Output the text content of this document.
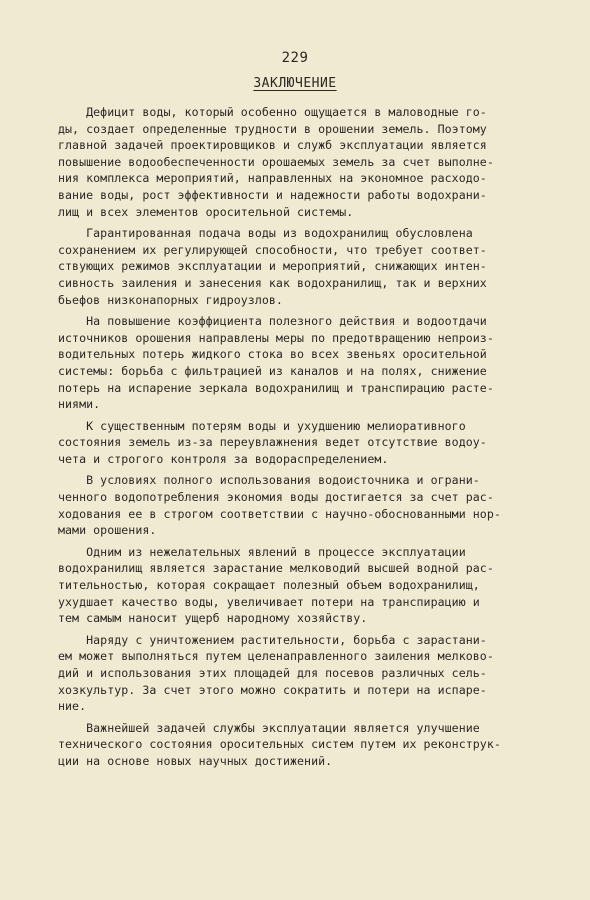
229
ЗАКЛЮЧЕНИЕ
Дефицит воды, который особенно ощущается в маловодные го-
ды, создает определенные трудности в орошении земель. Поэтому
главной задачей проектировщиков и служб эксплуатации является
повышение водообеспеченности орошаемых земель за счет выполне-
ния комплекса мероприятий, направленных на экономное расходо-
вание воды, рост эффективности и надежности работы водохрани-
лищ и всех элементов оросительной системы.
Гарантированная подача воды из водохранилищ обусловлена
сохранением их регулирующей способности, что требует соответ-
ствующих режимов эксплуатации и мероприятий, снижающих интен-
сивность заиления и занесения как водохранилищ, так и верхних
бьефов низконапорных гидроузлов.
На повышение коэффициента полезного действия и водоотдачи
источников орошения направлены меры по предотвращению непроиз-
водительных потерь жидкого стока во всех звеньях оросительной
системы: борьба с фильтрацией из каналов и на полях, снижение
потерь на испарение зеркала водохранилищ и транспирацию расте-
ниями.
К существенным потерям воды и ухудшению мелиоративного
состояния земель из-за переувлажнения ведет отсутствие водоу-
чета и строгого контроля за водораспределением.
В условиях полного использования водоисточника и ограни-
ченного водопотребления экономия воды достигается за счет рас-
ходования ее в строгом соответствии с научно-обоснованными нор-
мами орошения.
Одним из нежелательных явлений в процессе эксплуатации
водохранилищ является зарастание мелководий высшей водной рас-
тительностью, которая сокращает полезный объем водохранилищ,
ухудшает качество воды, увеличивает потери на транспирацию и
тем самым наносит ущерб народному хозяйству.
Наряду с уничтожением растительности, борьба с зарастани-
ем может выполняться путем целенаправленного заиления мелково-
дий и использования этих площадей для посевов различных сель-
хозкультур. За счет этого можно сократить и потери на испаре-
ние.
Важнейшей задачей службы эксплуатации является улучшение
технического состояния оросительных систем путем их реконструк-
ции на основе новых научных достижений.
